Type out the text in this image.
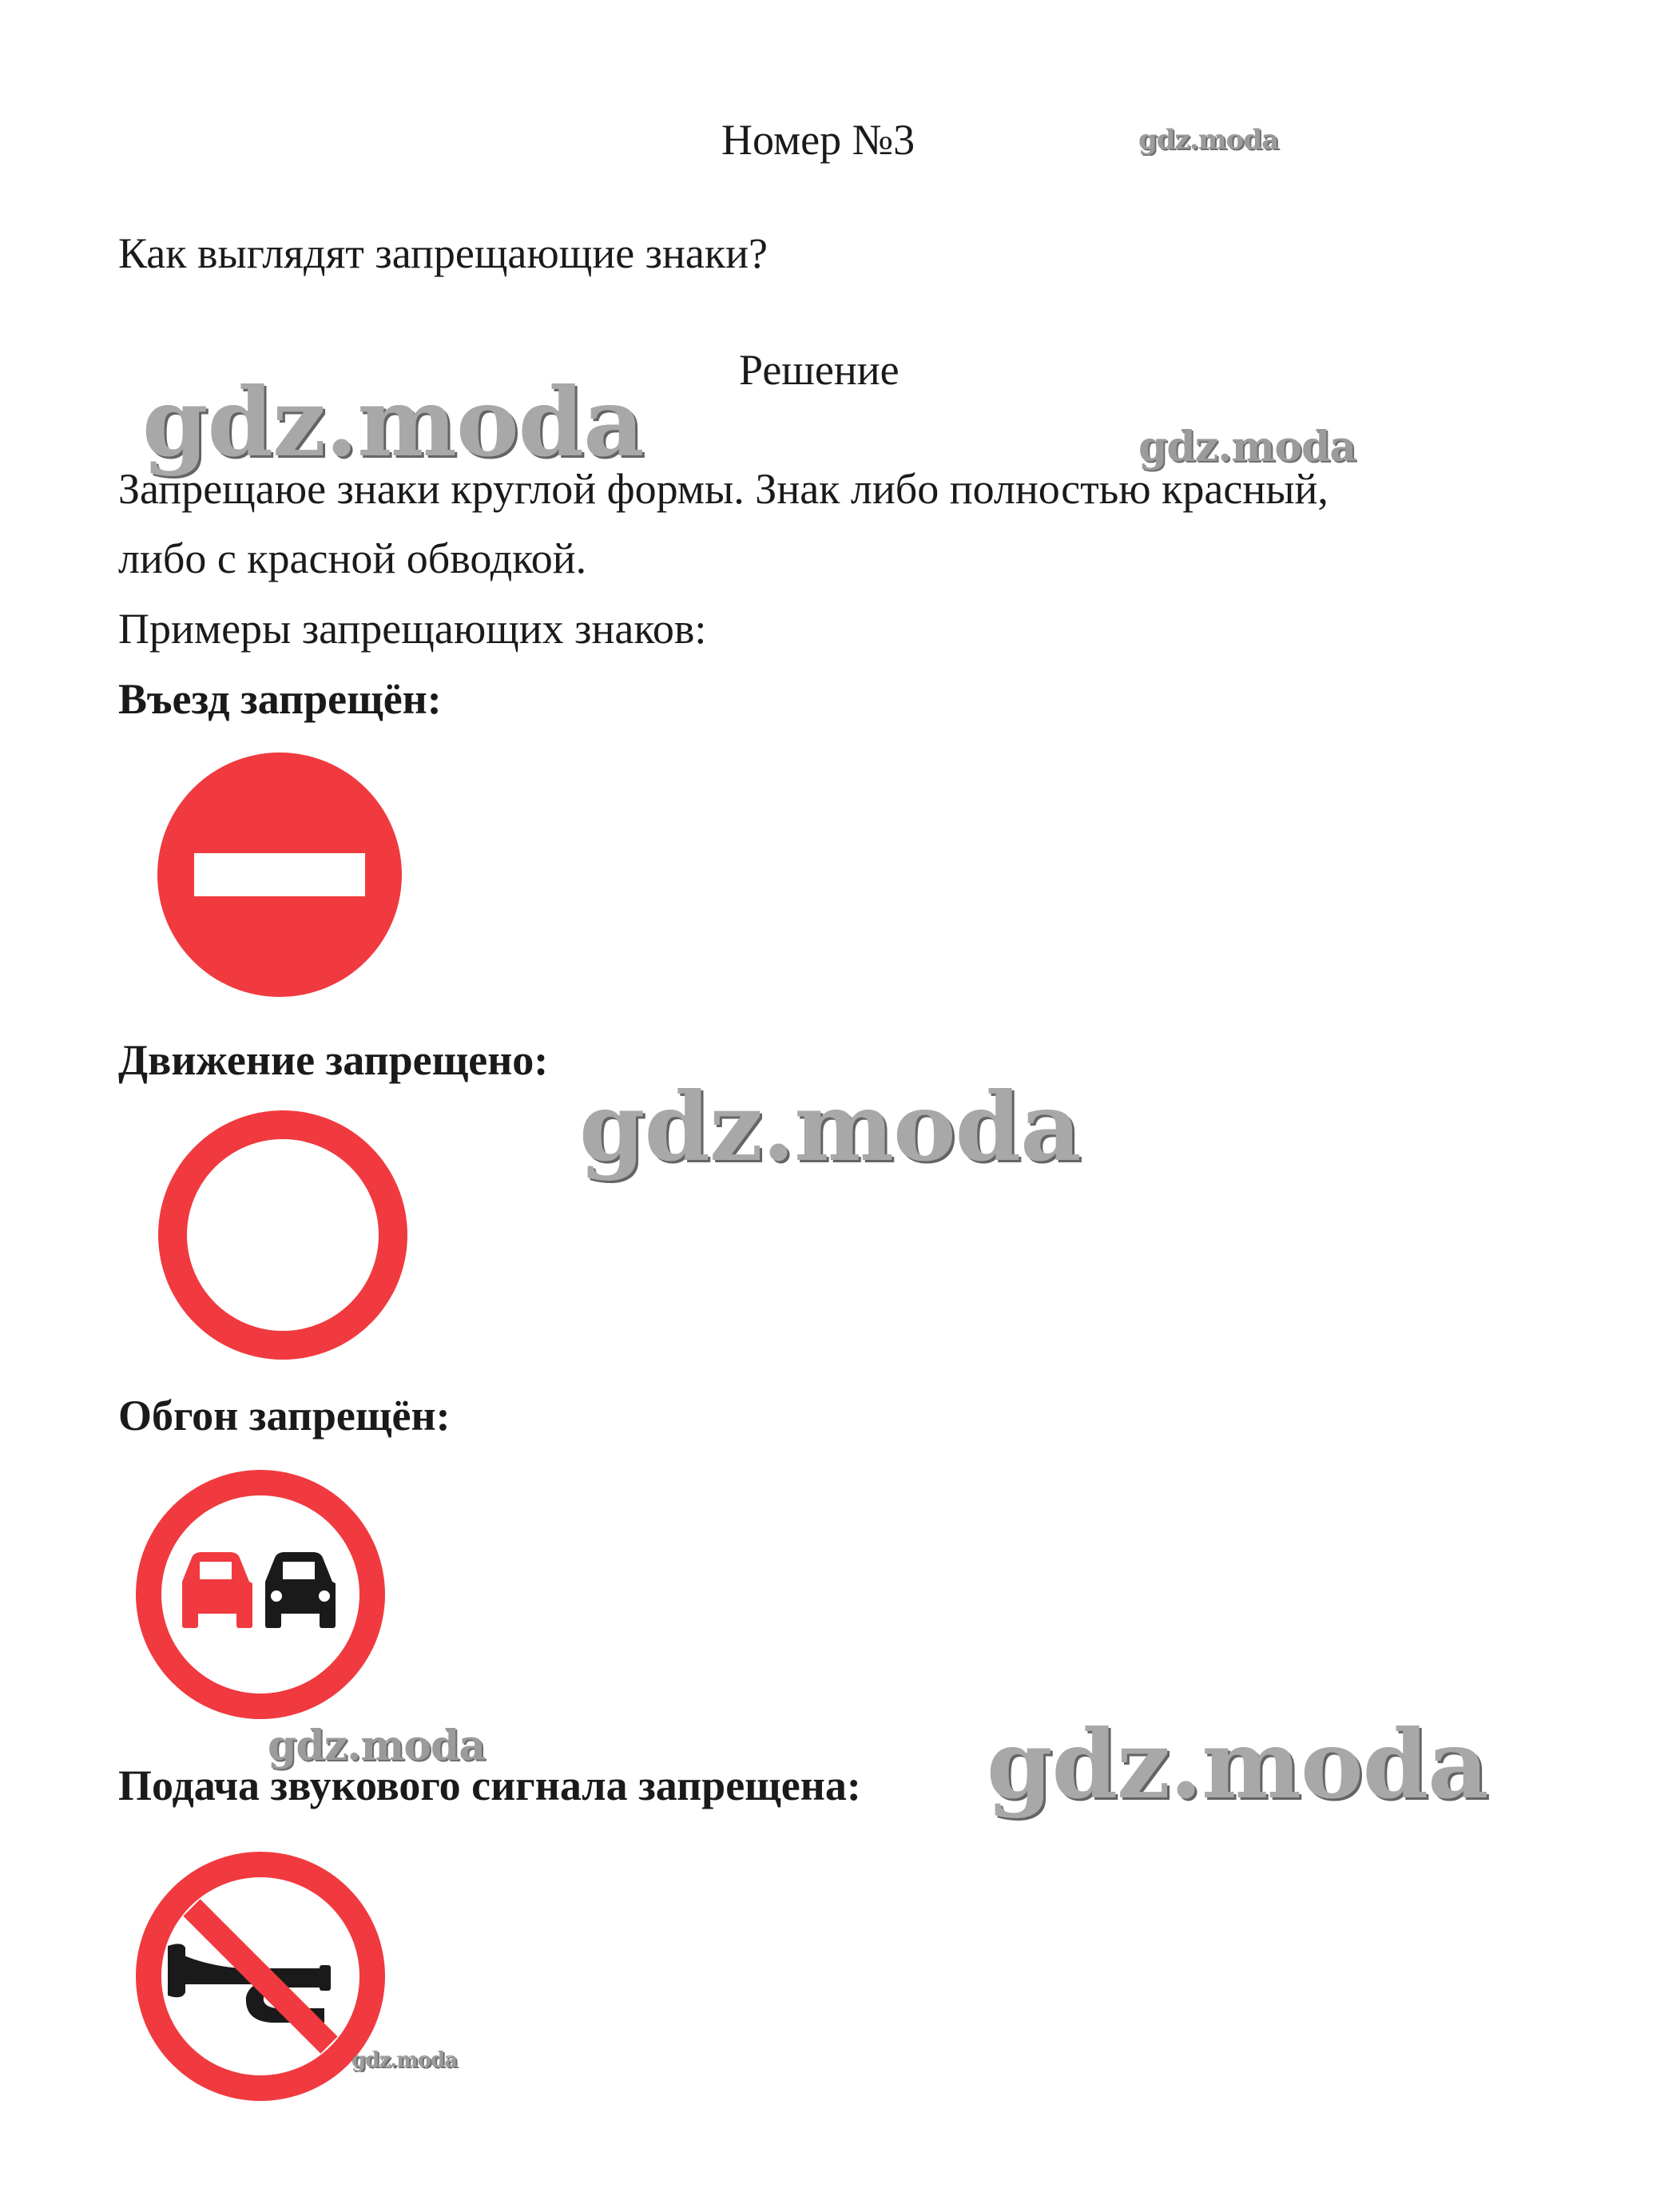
Номер №3	gdz.moda
Как выглядят запрещающие знаки?
Решение
gdz.moda	gdz.moda
Запрещаюе знаки круглой формы. Знак либо полностью красный,
либо с красной обводкой.
Примеры запрещающих знаков:
Въезд запрещён:
Движение запрещено:
gdz.moda
Обгон запрещён:
gdz.moda	gdz.moda
Подача звукового сигнала запрещена:
gdz.moda
